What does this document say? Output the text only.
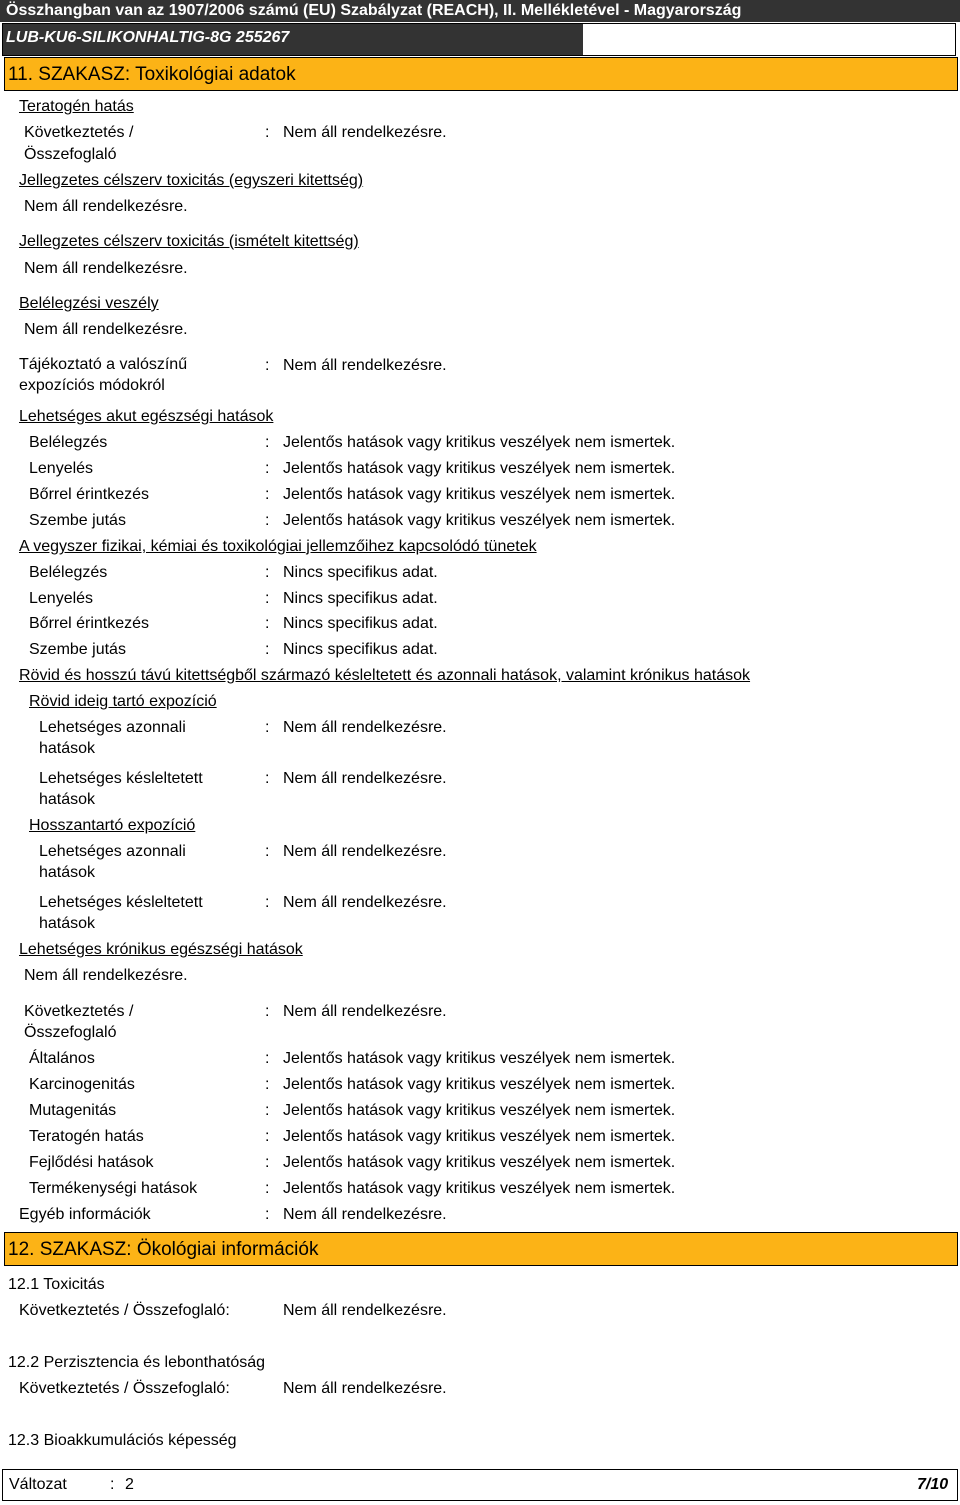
Összhangban van az 1907/2006 számú (EU) Szabályzat (REACH), II. Mellékletével - Magyarország
LUB-KU6-SILIKONHALTIG-8G 255267
11. SZAKASZ: Toxikológiai adatok
Teratogén hatás
Következtetés /
Összefoglaló
: Nem áll rendelkezésre.
Jellegzetes célszerv toxicitás (egyszeri kitettség)
Nem áll rendelkezésre.
Jellegzetes célszerv toxicitás (ismételt kitettség)
Nem áll rendelkezésre.
Belélegzési veszély
Nem áll rendelkezésre.
Tájékoztató a valószínű
expozíciós módokról
: Nem áll rendelkezésre.
Lehetséges akut egészségi hatások
Belélegzés	: Jelentős hatások vagy kritikus veszélyek nem ismertek.
Lenyelés	: Jelentős hatások vagy kritikus veszélyek nem ismertek.
Bőrrel érintkezés	: Jelentős hatások vagy kritikus veszélyek nem ismertek.
Szembe jutás	: Jelentős hatások vagy kritikus veszélyek nem ismertek.
A vegyszer fizikai, kémiai és toxikológiai jellemzőihez kapcsolódó tünetek
Belélegzés	: Nincs specifikus adat.
Lenyelés	: Nincs specifikus adat.
Bőrrel érintkezés	: Nincs specifikus adat.
Szembe jutás	: Nincs specifikus adat.
Rövid és hosszú távú kitettségből származó késleltetett és azonnali hatások, valamint krónikus hatások
Rövid ideig tartó expozíció
Lehetséges azonnali
hatások
: Nem áll rendelkezésre.
Lehetséges késleltetett
hatások
: Nem áll rendelkezésre.
Hosszantartó expozíció
Lehetséges azonnali
hatások
: Nem áll rendelkezésre.
Lehetséges késleltetett
hatások
: Nem áll rendelkezésre.
Lehetséges krónikus egészségi hatások
Nem áll rendelkezésre.
Következtetés /
Összefoglaló
: Nem áll rendelkezésre.
Általános	: Jelentős hatások vagy kritikus veszélyek nem ismertek.
Karcinogenitás	: Jelentős hatások vagy kritikus veszélyek nem ismertek.
Mutagenitás	: Jelentős hatások vagy kritikus veszélyek nem ismertek.
Teratogén hatás	: Jelentős hatások vagy kritikus veszélyek nem ismertek.
Fejlődési hatások	: Jelentős hatások vagy kritikus veszélyek nem ismertek.
Termékenységi hatások	: Jelentős hatások vagy kritikus veszélyek nem ismertek.
Egyéb információk	: Nem áll rendelkezésre.
12. SZAKASZ: Ökológiai információk
12.1 Toxicitás
Következtetés / Összefoglaló:	Nem áll rendelkezésre.
12.2 Perzisztencia és lebonthatóság
Következtetés / Összefoglaló:	Nem áll rendelkezésre.
12.3 Bioakkumulációs képesség
Változat	: 2	7/10
